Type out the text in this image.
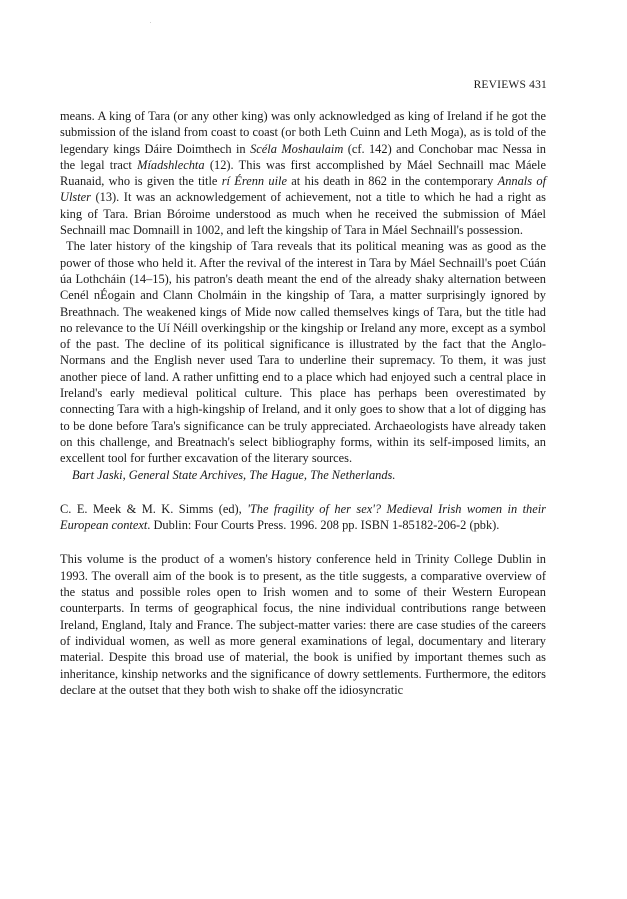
REVIEWS 431

means. A king of Tara (or any other king) was only acknowledged as king of Ireland if he got the submission of the island from coast to coast (or both Leth Cuinn and Leth Moga), as is told of the legendary kings Dáire Doimthech in Scéla Moshaulaim (cf. 142) and Conchobar mac Nessa in the legal tract Míadshlechta (12). This was first accomplished by Máel Sechnaill mac Máele Ruanaid, who is given the title rí Érenn uile at his death in 862 in the contemporary Annals of Ulster (13). It was an acknowledgement of achievement, not a title to which he had a right as king of Tara. Brian Bóroime understood as much when he received the submission of Máel Sechnaill mac Domnaill in 1002, and left the kingship of Tara in Máel Sechnaill's possession.

The later history of the kingship of Tara reveals that its political meaning was as good as the power of those who held it. After the revival of the interest in Tara by Máel Sechnaill's poet Cúán úa Lothcháin (14–15), his patron's death meant the end of the already shaky alternation between Cenél nÉogain and Clann Cholmáin in the kingship of Tara, a matter surprisingly ignored by Breathnach. The weakened kings of Mide now called themselves kings of Tara, but the title had no relevance to the Uí Néill overkingship or the kingship or Ireland any more, except as a symbol of the past. The decline of its political significance is illustrated by the fact that the Anglo-Normans and the English never used Tara to underline their supremacy. To them, it was just another piece of land. A rather unfitting end to a place which had enjoyed such a central place in Ireland's early medieval political culture. This place has perhaps been overestimated by connecting Tara with a high-kingship of Ireland, and it only goes to show that a lot of digging has to be done before Tara's significance can be truly appreciated. Archaeologists have already taken on this challenge, and Breatnach's select bibliography forms, within its self-imposed limits, an excellent tool for further excavation of the literary sources.

Bart Jaski, General State Archives, The Hague, The Netherlands.

C. E. Meek & M. K. Simms (ed), 'The fragility of her sex'? Medieval Irish women in their European context. Dublin: Four Courts Press. 1996. 208 pp. ISBN 1-85182-206-2 (pbk).

This volume is the product of a women's history conference held in Trinity College Dublin in 1993. The overall aim of the book is to present, as the title suggests, a comparative overview of the status and possible roles open to Irish women and to some of their Western European counterparts. In terms of geographical focus, the nine individual contributions range between Ireland, England, Italy and France. The subject-matter varies: there are case studies of the careers of individual women, as well as more general examinations of legal, documentary and literary material. Despite this broad use of material, the book is unified by important themes such as inheritance, kinship networks and the significance of dowry settlements. Furthermore, the editors declare at the outset that they both wish to shake off the idiosyncratic
